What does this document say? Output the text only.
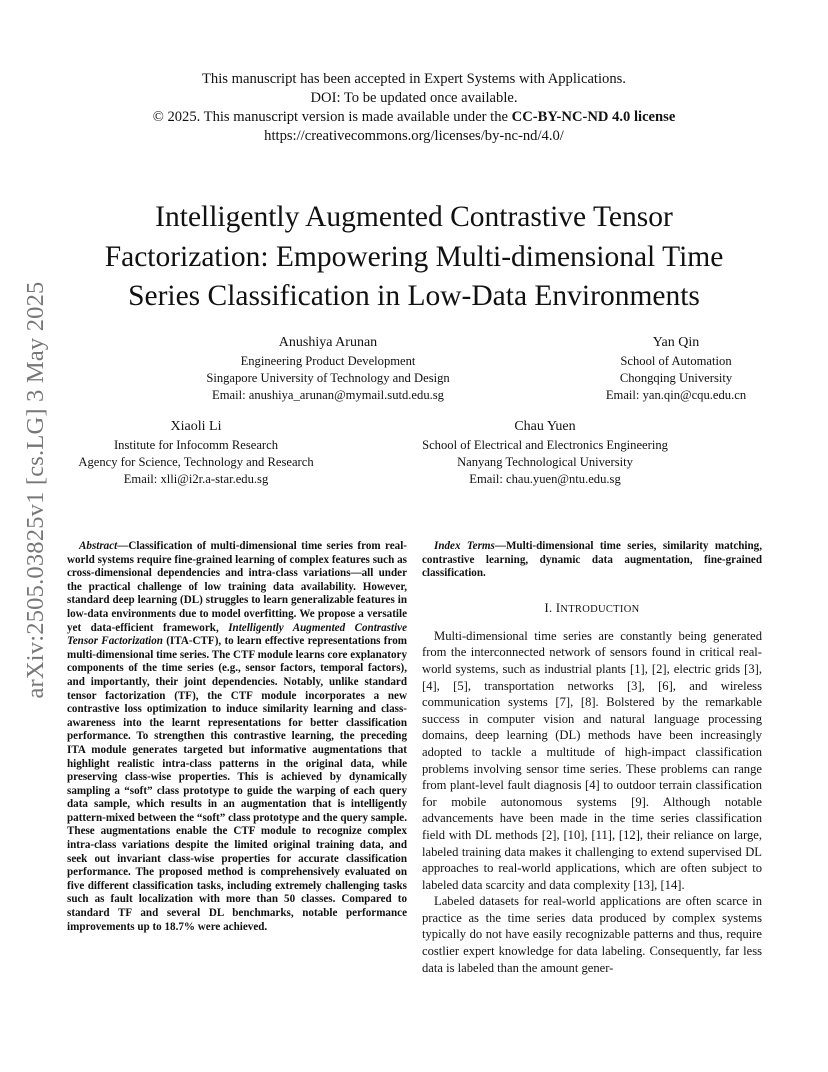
This manuscript has been accepted in Expert Systems with Applications.
DOI: To be updated once available.
© 2025. This manuscript version is made available under the CC-BY-NC-ND 4.0 license
https://creativecommons.org/licenses/by-nc-nd/4.0/
Intelligently Augmented Contrastive Tensor
Factorization: Empowering Multi-dimensional Time
Series Classification in Low-Data Environments
arXiv:2505.03825v1 [cs.LG] 3 May 2025	Anushiya Arunan
Engineering Product Development
Singapore University of Technology and Design
Email: anushiya_arunan@mymail.sutd.edu.sg
Yan Qin
School of Automation
Chongqing University
Email: yan.qin@cqu.edu.cn
Xiaoli Li
Institute for Infocomm Research
Agency for Science, Technology and Research
Email: xlli@i2r.a-star.edu.sg
Chau Yuen
School of Electrical and Electronics Engineering
Nanyang Technological University
Email: chau.yuen@ntu.edu.sg
Abstract—Classification of multi-dimensional time series from real-world systems require fine-grained learning of complex features such as cross-dimensional dependencies and intra-class variations—all under the practical challenge of low training data availability. However, standard deep learning (DL) struggles to learn generalizable features in low-data environments due to model overfitting. We propose a versatile yet data-efficient framework, Intelligently Augmented Contrastive Tensor Factorization (ITA-CTF), to learn effective representations from multi-dimensional time series. The CTF module learns core explanatory components of the time series (e.g., sensor factors, temporal factors), and importantly, their joint dependencies. Notably, unlike standard tensor factorization (TF), the CTF module incorporates a new contrastive loss optimization to induce similarity learning and class-awareness into the learnt representations for better classification performance. To strengthen this contrastive learning, the preceding ITA module generates targeted but informative augmentations that highlight realistic intra-class patterns in the original data, while preserving class-wise properties. This is achieved by dynamically sampling a “soft” class prototype to guide the warping of each query data sample, which results in an augmentation that is intelligently pattern-mixed between the “soft” class prototype and the query sample. These augmentations enable the CTF module to recognize complex intra-class variations despite the limited original training data, and seek out invariant class-wise properties for accurate classification performance. The proposed method is comprehensively evaluated on five different classification tasks, including extremely challenging tasks such as fault localization with more than 50 classes. Compared to standard TF and several DL benchmarks, notable performance improvements up to 18.7% were achieved.

Index Terms—Multi-dimensional time series, similarity matching, contrastive learning, dynamic data augmentation, fine-grained classification.

I. INTRODUCTION

Multi-dimensional time series are constantly being generated from the interconnected network of sensors found in critical real-world systems, such as industrial plants [1], [2], electric grids [3], [4], [5], transportation networks [3], [6], and wireless communication systems [7], [8]. Bolstered by the remarkable success in computer vision and natural language processing domains, deep learning (DL) methods have been increasingly adopted to tackle a multitude of high-impact classification problems involving sensor time series. These problems can range from plant-level fault diagnosis [4] to outdoor terrain classification for mobile autonomous systems [9]. Although notable advancements have been made in the time series classification field with DL methods [2], [10], [11], [12], their reliance on large, labeled training data makes it challenging to extend supervised DL approaches to real-world applications, which are often subject to labeled data scarcity and data complexity [13], [14].

Labeled datasets for real-world applications are often scarce in practice as the time series data produced by complex systems typically do not have easily recognizable patterns and thus, require costlier expert knowledge for data labeling. Consequently, far less data is labeled than the amount gener-
